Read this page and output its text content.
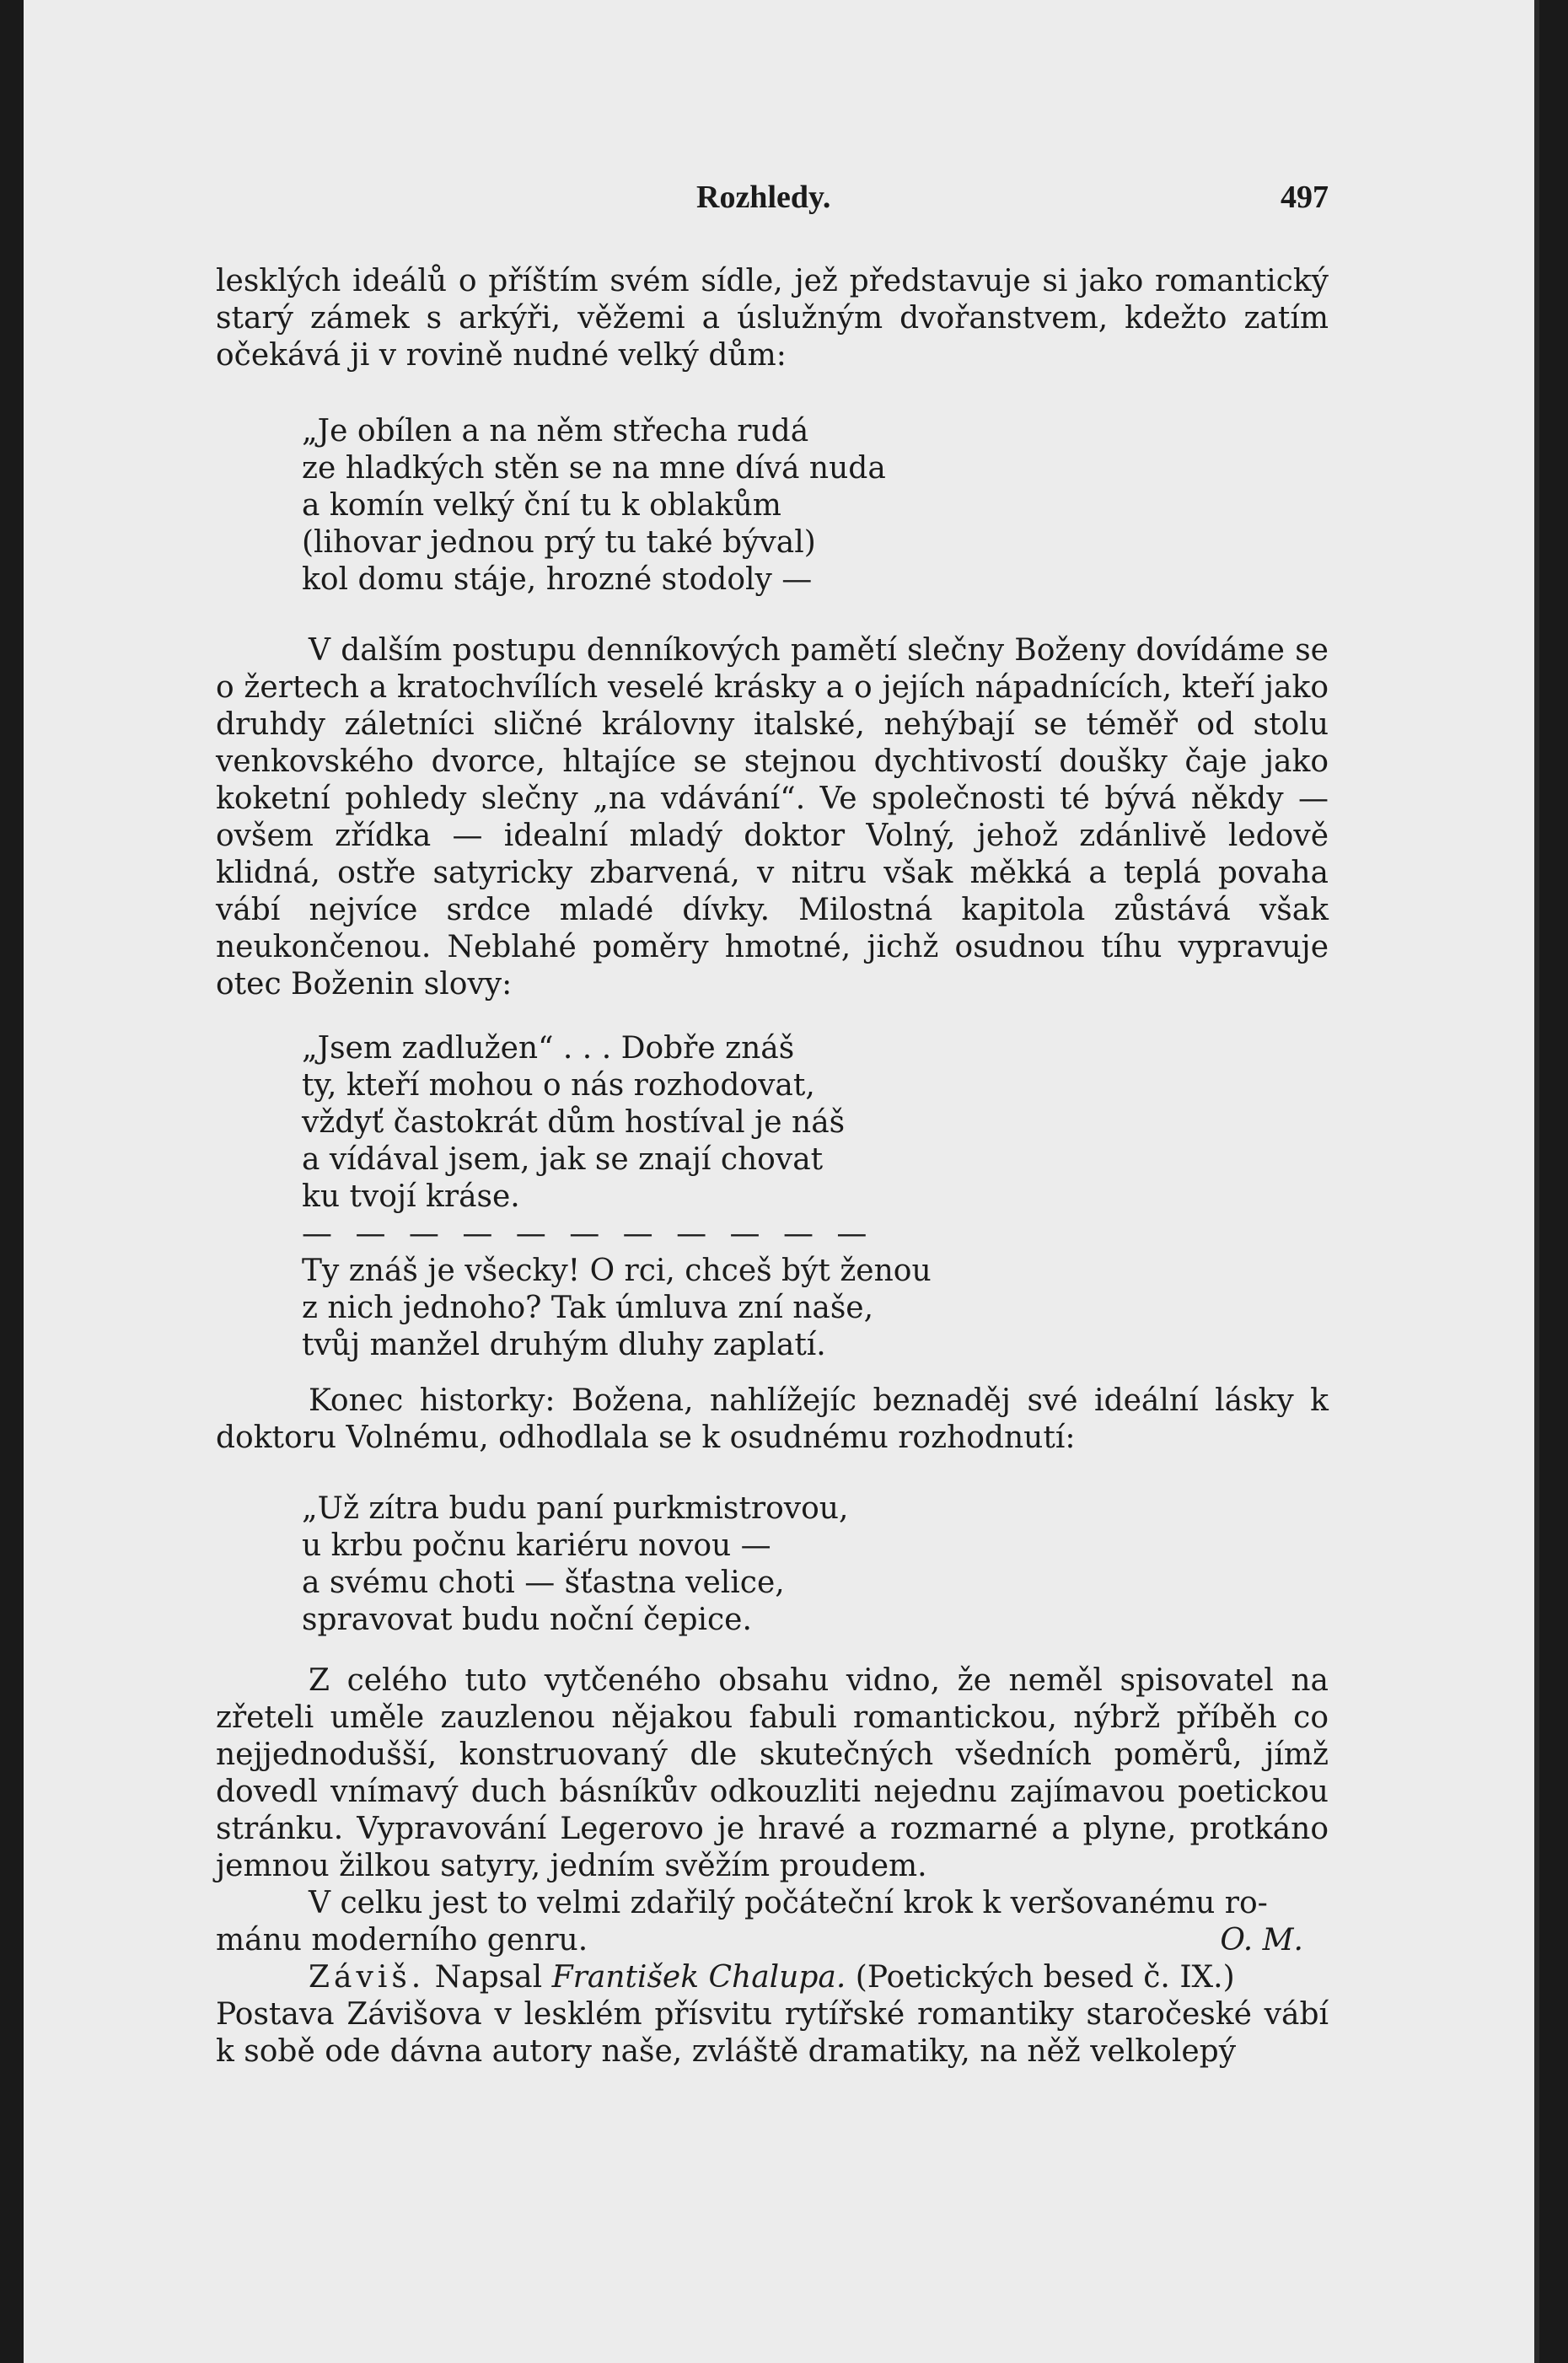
Rozhledy.	497

lesklých ideálů o příštím svém sídle, jež představuje si jako romantický starý zámek s arkýři, věžemi a úslužným dvořanstvem, kdežto zatím očekává ji v rovině nudné velký dům:

„Je obílen a na něm střecha rudá
ze hladkých stěn se na mne dívá nuda
a komín velký ční tu k oblakům
(lihovar jednou prý tu také býval)
kol domu stáje, hrozné stodoly —

V dalším postupu denníkových pamětí slečny Boženy dovídáme se o žertech a kratochvílích veselé krásky a o jejích nápadnících, kteří jako druhdy záletníci sličné královny italské, nehýbají se téměř od stolu venkovského dvorce, hltajíce se stejnou dychtivostí doušky čaje jako koketní pohledy slečny „na vdávání“. Ve společnosti té bývá někdy — ovšem zřídka — idealní mladý doktor Volný, jehož zdánlivě ledově klidná, ostře satyricky zbarvená, v nitru však měkká a teplá povaha vábí nejvíce srdce mladé dívky. Milostná kapitola zůstává však neukončenou. Neblahé poměry hmotné, jichž osudnou tíhu vypravuje otec Boženin slovy:

„Jsem zadlužen“ . . . Dobře znáš
ty, kteří mohou o nás rozhodovat,
vždyť častokrát dům hostíval je náš
a vídával jsem, jak se znají chovat
ku tvojí kráse.
— — — — — — — — — — —
Ty znáš je všecky! O rci, chceš být ženou
z nich jednoho? Tak úmluva zní naše,
tvůj manžel druhým dluhy zaplatí.

Konec historky: Božena, nahlížejíc beznaděj své ideální lásky k doktoru Volnému, odhodlala se k osudnému rozhodnutí:

„Už zítra budu paní purkmistrovou,
u krbu počnu kariéru novou —
a svému choti — šťastna velice,
spravovat budu noční čepice.

Z celého tuto vytčeného obsahu vidno, že neměl spisovatel na zřeteli uměle zauzlenou nějakou fabuli romantickou, nýbrž příběh co nejjednodušší, konstruovaný dle skutečných všedních poměrů, jímž dovedl vnímavý duch básníkův odkouzliti nejednu zajímavou poetickou stránku. Vypravování Legerovo je hravé a rozmarné a plyne, protkáno jemnou žilkou satyry, jedním svěžím proudem.

V celku jest to velmi zdařilý počáteční krok k veršovanému ro-

mánu moderního genru.	O. M.

Záviš. Napsal František Chalupa. (Poetických besed č. IX.)

Postava Závišova v lesklém přísvitu rytířské romantiky staročeské vábí k sobě ode dávna autory naše, zvláště dramatiky, na něž velkolepý
